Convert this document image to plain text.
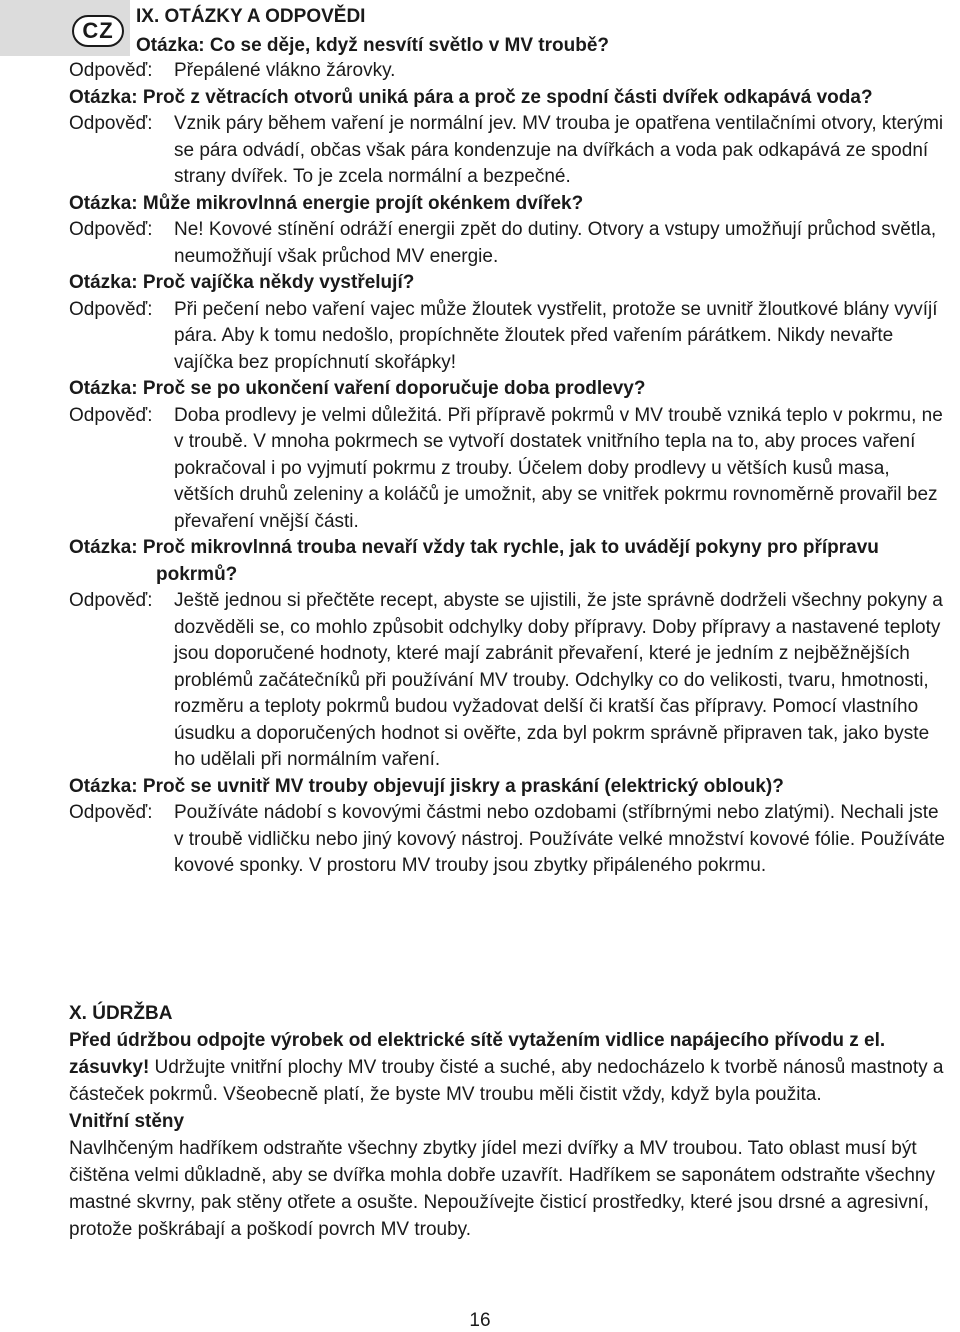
CZ
IX. OTÁZKY A ODPOVĚDI
Otázka: Co se děje, když nesvítí světlo v MV troubě?
Odpověď:	Přepálené vlákno žárovky.

Otázka: Proč z větracích otvorů uniká pára a proč ze spodní části dvířek odkapává voda?

Odpověď:	Vznik páry během vaření je normální jev. MV trouba je opatřena ventilačními otvory, kterými se pára odvádí, občas však pára kondenzuje na dvířkách a voda pak odkapává ze spodní strany dvířek. To je zcela normální a bezpečné.

Otázka: Může mikrovlnná energie projít okénkem dvířek?

Odpověď:	Ne! Kovové stínění odráží energii zpět do dutiny. Otvory a vstupy umožňují průchod světla, neumožňují však průchod MV energie.

Otázka: Proč vajíčka někdy vystřelují?

Odpověď:	Při pečení nebo vaření vajec může žloutek vystřelit, protože se uvnitř žloutkové blány vyvíjí pára. Aby k tomu nedošlo, propíchněte žloutek před vařením párátkem. Nikdy nevařte vajíčka bez propíchnutí skořápky!

Otázka: Proč se po ukončení vaření doporučuje doba prodlevy?

Odpověď:	Doba prodlevy je velmi důležitá. Při přípravě pokrmů v MV troubě vzniká teplo v pokrmu, ne v troubě. V mnoha pokrmech se vytvoří dostatek vnitřního tepla na to, aby proces vaření pokračoval i po vyjmutí pokrmu z trouby. Účelem doby prodlevy u větších kusů masa, větších druhů zeleniny a koláčů je umožnit, aby se vnitřek pokrmu rovnoměrně provařil bez převaření vnější části.

Otázka: Proč mikrovlnná trouba nevaří vždy tak rychle, jak to uvádějí pokyny pro přípravu pokrmů?

Odpověď:	Ještě jednou si přečtěte recept, abyste se ujistili, že jste správně dodrželi všechny pokyny a dozvěděli se, co mohlo způsobit odchylky doby přípravy. Doby přípravy a nastavené teploty jsou doporučené hodnoty, které mají zabránit převaření, které je jedním z nejběžnějších problémů začátečníků při používání MV trouby. Odchylky co do velikosti, tvaru, hmotnosti, rozměru a teploty pokrmů budou vyžadovat delší či kratší čas přípravy. Pomocí vlastního úsudku a doporučených hodnot si ověřte, zda byl pokrm správně připraven tak, jako byste ho udělali při normálním vaření.

Otázka: Proč se uvnitř MV trouby objevují jiskry a praskání (elektrický oblouk)?

Odpověď:	Používáte nádobí s kovovými částmi nebo ozdobami (stříbrnými nebo zlatými). Nechali jste v troubě vidličku nebo jiný kovový nástroj. Používáte velké množství kovové fólie. Používáte kovové sponky. V prostoru MV trouby jsou zbytky připáleného pokrmu.

X. ÚDRŽBA

Před údržbou odpojte výrobek od elektrické sítě vytažením vidlice napájecího přívodu z el. zásuvky! Udržujte vnitřní plochy MV trouby čisté a suché, aby nedocházelo k tvorbě nánosů mastnoty a částeček pokrmů. Všeobecně platí, že byste MV troubu měli čistit vždy, když byla použita.

Vnitřní stěny

Navlhčeným hadříkem odstraňte všechny zbytky jídel mezi dvířky a MV troubou. Tato oblast musí být čištěna velmi důkladně, aby se dvířka mohla dobře uzavřít. Hadříkem se saponátem odstraňte všechny mastné skvrny, pak stěny otřete a osušte. Nepoužívejte čisticí prostředky, které jsou drsné a agresivní, protože poškrábají a poškodí povrch MV trouby.

16
